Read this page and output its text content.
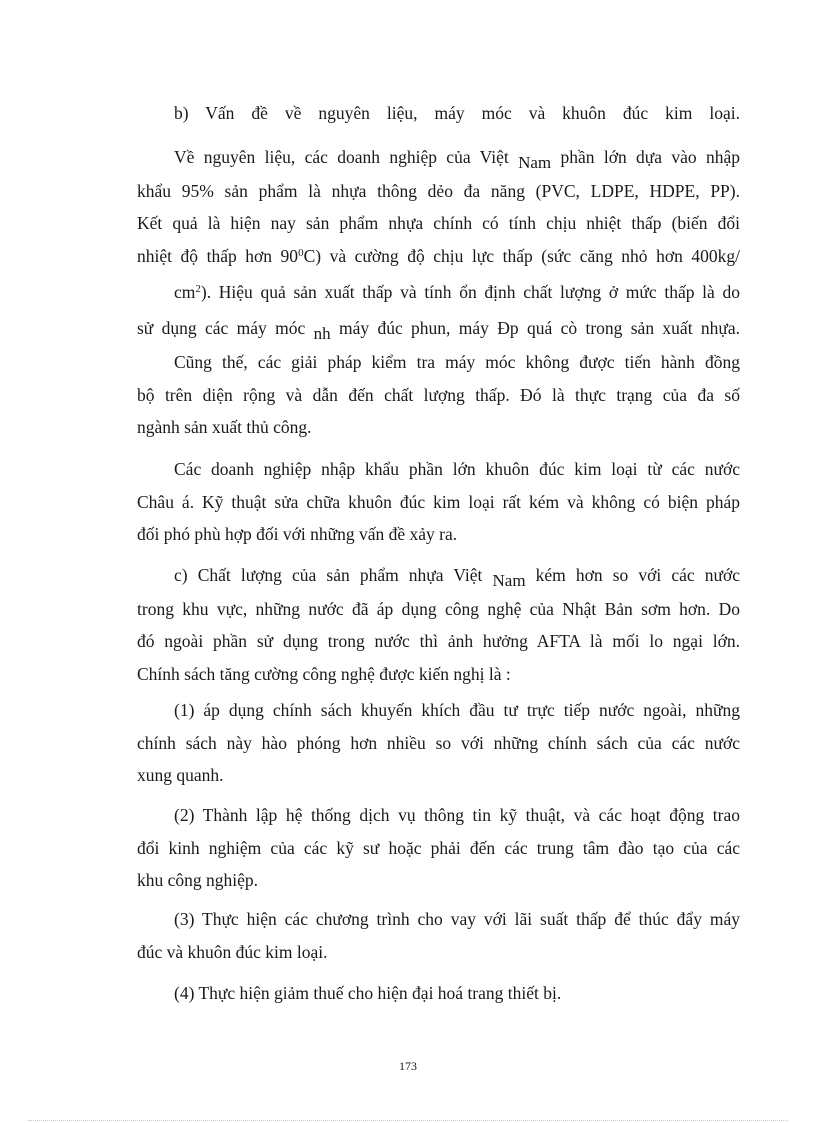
b) Vấn đề về nguyên liệu, máy móc và khuôn đúc kim loại.
Về nguyên liệu, các doanh nghiệp của Việt Nam phần lớn dựa vào nhập
khẩu 95% sản phẩm là nhựa thông dẻo đa năng (PVC, LDPE, HDPE, PP).
Kết quả là hiện nay sản phẩm nhựa chính có tính chịu nhiệt thấp (biến đổi
nhiệt độ thấp hơn $90^0C$) và cường độ chịu lực thấp (sức căng nhỏ hơn 400kg/
$cm^2$). Hiệu quả sản xuất thấp và tính ổn định chất lượng ở mức thấp là do
sử dụng các máy móc nh máy đúc phun, máy Đp quá cò trong sản xuất nhựa.
Cũng thế, các giải pháp kiểm tra máy móc không được tiến hành đồng
bộ trên diện rộng và dẫn đến chất lượng thấp. Đó là thực trạng của đa số
ngành sản xuất thủ công.
Các doanh nghiệp nhập khẩu phần lớn khuôn đúc kim loại từ các nước
Châu á. Kỹ thuật sửa chữa khuôn đúc kim loại rất kém và không có biện pháp
đối phó phù hợp đối với những vấn đề xảy ra.
c) Chất lượng của sản phẩm nhựa Việt Nam kém hơn so với các nước
trong khu vực, những nước đã áp dụng công nghệ của Nhật Bản sơm hơn. Do
đó ngoài phần sử dụng trong nước thì ảnh hưởng AFTA là mối lo ngại lớn.
Chính sách tăng cường công nghệ được kiến nghị là :
(1) áp dụng chính sách khuyến khích đầu tư trực tiếp nước ngoài, những
chính sách này hào phóng hơn nhiều so với những chính sách của các nước
xung quanh.
(2) Thành lập hệ thống dịch vụ thông tin kỹ thuật, và các hoạt động trao
đổi kinh nghiệm của các kỹ sư hoặc phải đến các trung tâm đào tạo của các
khu công nghiệp.
(3) Thực hiện các chương trình cho vay với lãi suất thấp để thúc đẩy máy
đúc và khuôn đúc kim loại.
(4) Thực hiện giảm thuế cho hiện đại hoá trang thiết bị.
173
